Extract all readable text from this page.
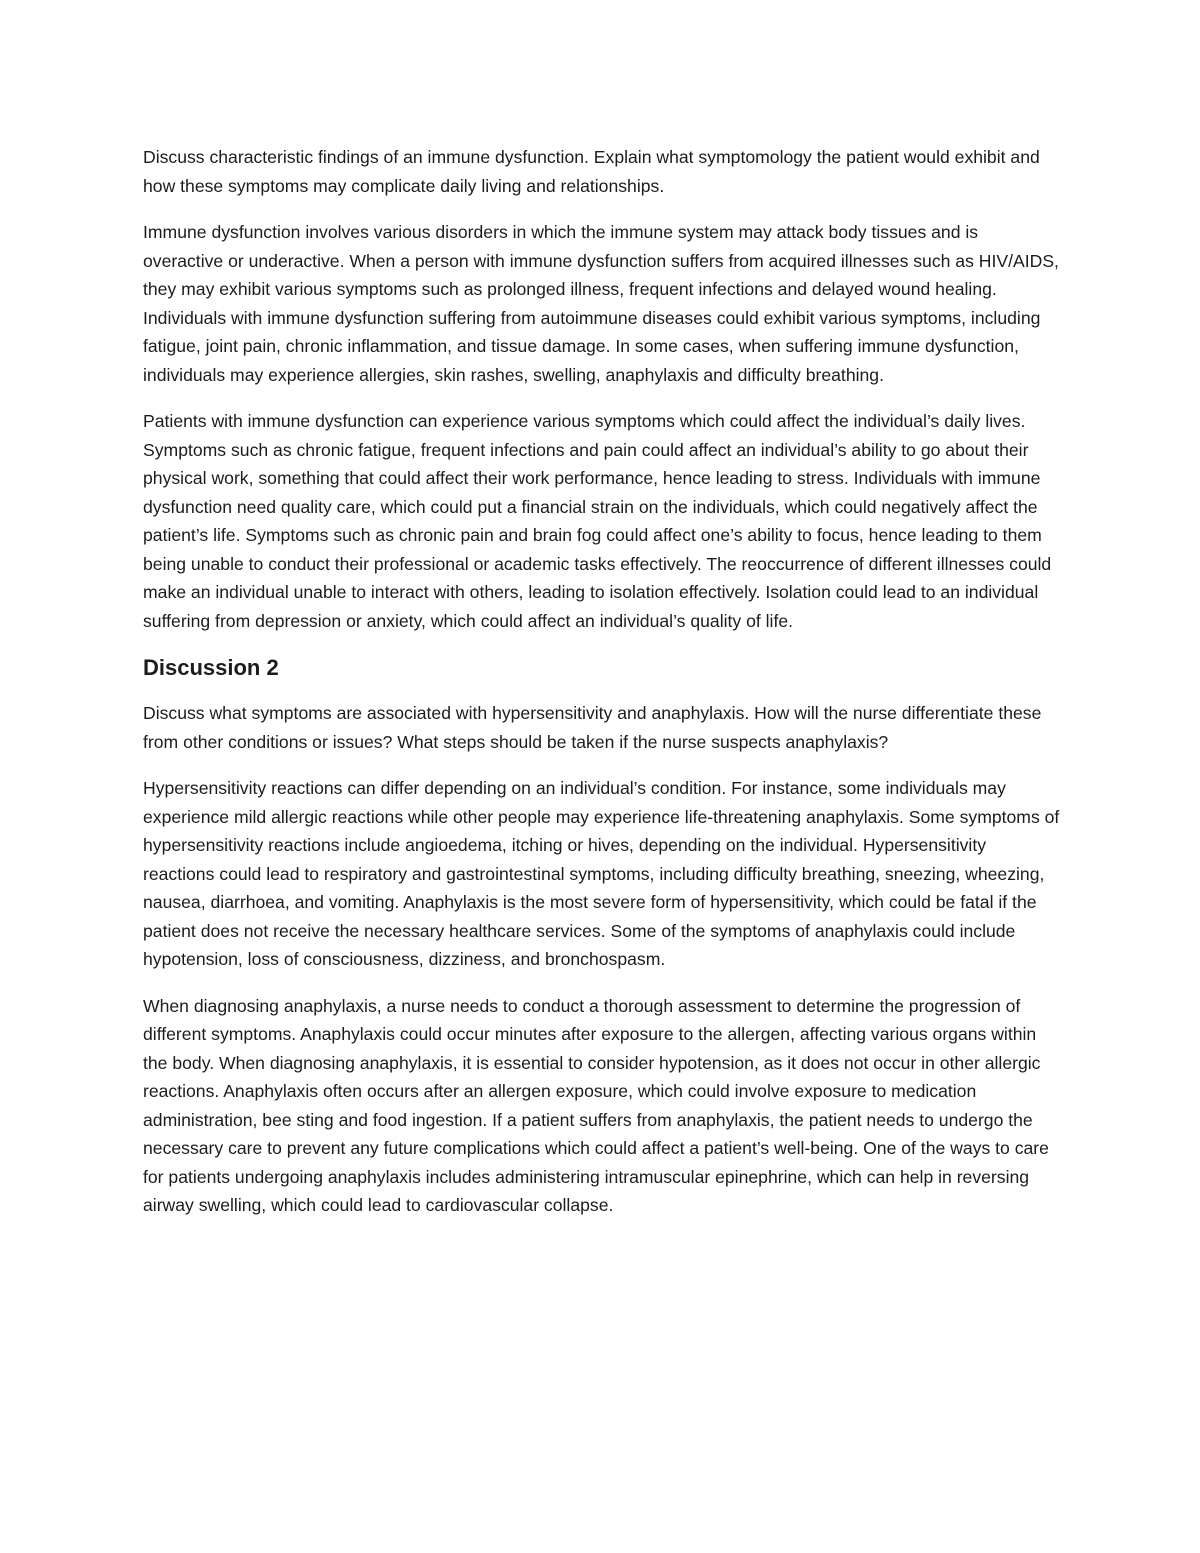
Discuss characteristic findings of an immune dysfunction. Explain what symptomology the patient would exhibit and how these symptoms may complicate daily living and relationships.

Immune dysfunction involves various disorders in which the immune system may attack body tissues and is overactive or underactive. When a person with immune dysfunction suffers from acquired illnesses such as HIV/AIDS, they may exhibit various symptoms such as prolonged illness, frequent infections and delayed wound healing. Individuals with immune dysfunction suffering from autoimmune diseases could exhibit various symptoms, including fatigue, joint pain, chronic inflammation, and tissue damage. In some cases, when suffering immune dysfunction, individuals may experience allergies, skin rashes, swelling, anaphylaxis and difficulty breathing.

Patients with immune dysfunction can experience various symptoms which could affect the individual’s daily lives. Symptoms such as chronic fatigue, frequent infections and pain could affect an individual’s ability to go about their physical work, something that could affect their work performance, hence leading to stress. Individuals with immune dysfunction need quality care, which could put a financial strain on the individuals, which could negatively affect the patient’s life. Symptoms such as chronic pain and brain fog could affect one’s ability to focus, hence leading to them being unable to conduct their professional or academic tasks effectively. The reoccurrence of different illnesses could make an individual unable to interact with others, leading to isolation effectively. Isolation could lead to an individual suffering from depression or anxiety, which could affect an individual’s quality of life.

Discussion 2

Discuss what symptoms are associated with hypersensitivity and anaphylaxis. How will the nurse differentiate these from other conditions or issues? What steps should be taken if the nurse suspects anaphylaxis?

Hypersensitivity reactions can differ depending on an individual’s condition. For instance, some individuals may experience mild allergic reactions while other people may experience life-threatening anaphylaxis. Some symptoms of hypersensitivity reactions include angioedema, itching or hives, depending on the individual. Hypersensitivity reactions could lead to respiratory and gastrointestinal symptoms, including difficulty breathing, sneezing, wheezing, nausea, diarrhoea, and vomiting. Anaphylaxis is the most severe form of hypersensitivity, which could be fatal if the patient does not receive the necessary healthcare services. Some of the symptoms of anaphylaxis could include hypotension, loss of consciousness, dizziness, and bronchospasm.

When diagnosing anaphylaxis, a nurse needs to conduct a thorough assessment to determine the progression of different symptoms. Anaphylaxis could occur minutes after exposure to the allergen, affecting various organs within the body. When diagnosing anaphylaxis, it is essential to consider hypotension, as it does not occur in other allergic reactions. Anaphylaxis often occurs after an allergen exposure, which could involve exposure to medication administration, bee sting and food ingestion. If a patient suffers from anaphylaxis, the patient needs to undergo the necessary care to prevent any future complications which could affect a patient’s well-being. One of the ways to care for patients undergoing anaphylaxis includes administering intramuscular epinephrine, which can help in reversing airway swelling, which could lead to cardiovascular collapse.
